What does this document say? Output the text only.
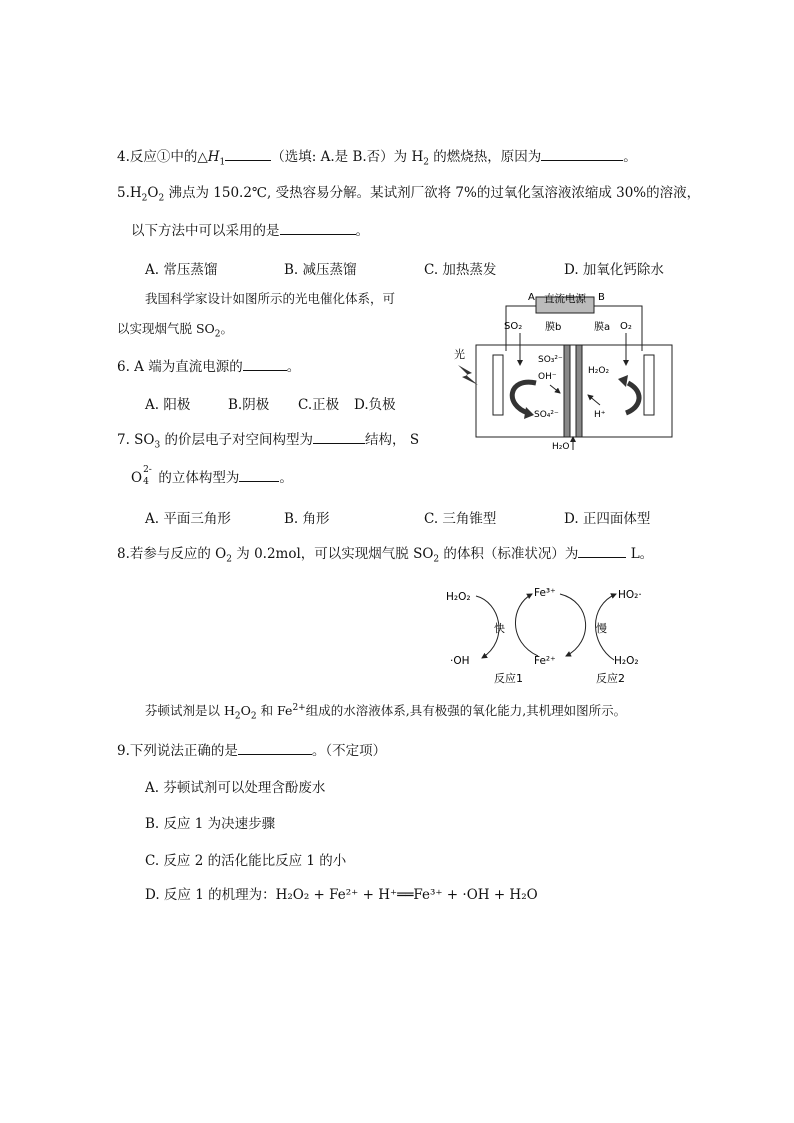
4.反应①中的$\triangle H_1$	（选填: A.是 B.否）为 $H_2$ 的燃烧热，原因为	。
$5.H_2O_2$ 沸点为 150.2℃, 受热容易分解。某试剂厂欲将 7%的过氧化氢溶液浓缩成 30%的溶液，
以下方法中可以采用的是	。
A. 常压蒸馏	B. 减压蒸馏	C. 加热蒸发	D. 加氧化钙除水
我国科学家设计如图所示的光电催化体系，可
以实现烟气脱 $SO_2$。
6. A 端为直流电源的	。
A. 阳极	B.阴极 C.正极 D.负极
7. $SO_3$ 的价层电子对空间构型为	结构， S
O 2-
4 的立体构型为	。
A. 平面三角形	B. 角形	C. 三角锥型	D. 正四面体型
8.若参与反应的 $O_2$ 为 0.2mol，可以实现烟气脱 $SO_2$ 的体积（标准状况）为	L。
直流电源
A	B
膜b	膜a
SO₂	O₂
光	SO₃²⁻
OH⁻
SO₄²⁻
H₂O₂
H⁺
H₂O
H₂O₂	Fe³⁺	HO₂·
快	慢
·OH	Fe²⁺	H₂O₂
反应1	反应2
芬顿试剂是以 $H_2O_2$ 和 $Fe^{2+}$组成的水溶液体系,具有极强的氧化能力,其机理如图所示。
9.下列说法正确的是	。（不定项）
A. 芬顿试剂可以处理含酚废水
B. 反应 1 为决速步骤
C. 反应 2 的活化能比反应 1 的小
D. 反应 1 的机理为：H₂O₂ + Fe²⁺ + H⁺══Fe³⁺ + ·OH + H₂O
